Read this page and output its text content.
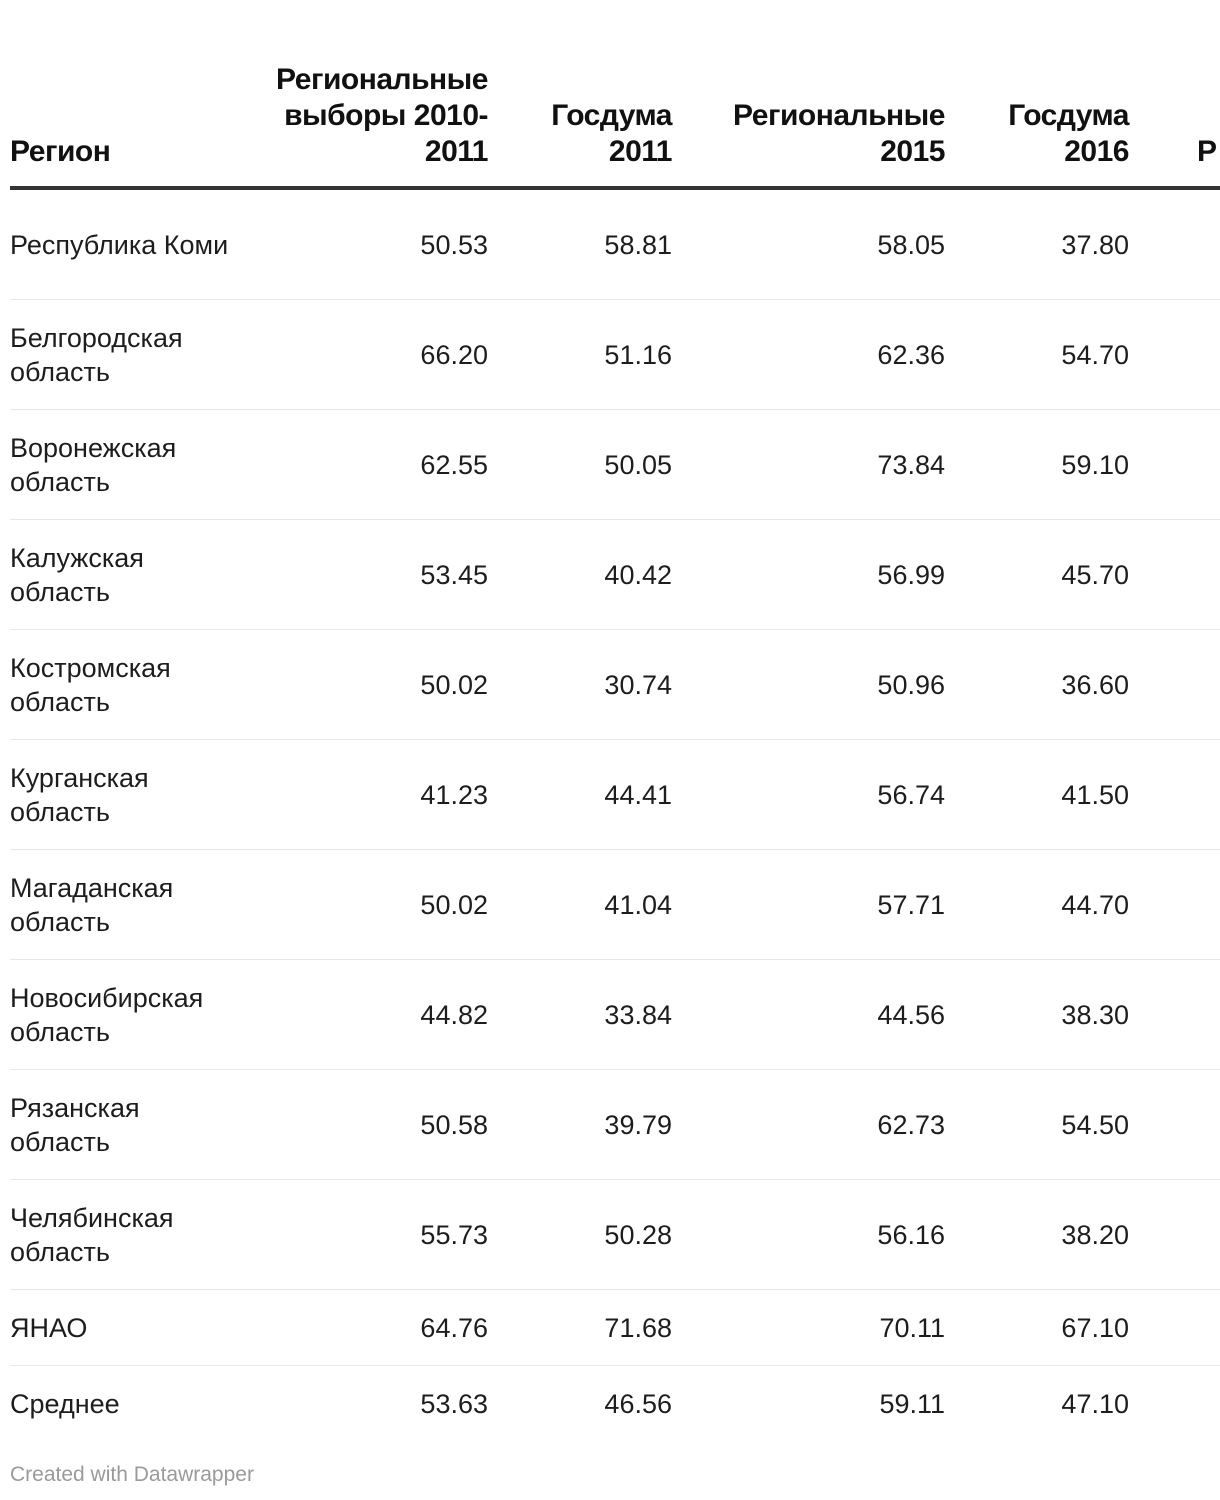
Регион	Региональные выборы 2010-2011	Госдума 2011	Региональные 2015	Госдума 2016	Р
Республика Коми	50.53	58.81	58.05	37.80	
Белгородская область	66.20	51.16	62.36	54.70	
Воронежская область	62.55	50.05	73.84	59.10	
Калужская область	53.45	40.42	56.99	45.70	
Костромская область	50.02	30.74	50.96	36.60	
Курганская область	41.23	44.41	56.74	41.50	
Магаданская область	50.02	41.04	57.71	44.70	
Новосибирская область	44.82	33.84	44.56	38.30	
Рязанская область	50.58	39.79	62.73	54.50	
Челябинская область	55.73	50.28	56.16	38.20	
ЯНАО	64.76	71.68	70.11	67.10	
Среднее	53.63	46.56	59.11	47.10	
Created with Datawrapper
